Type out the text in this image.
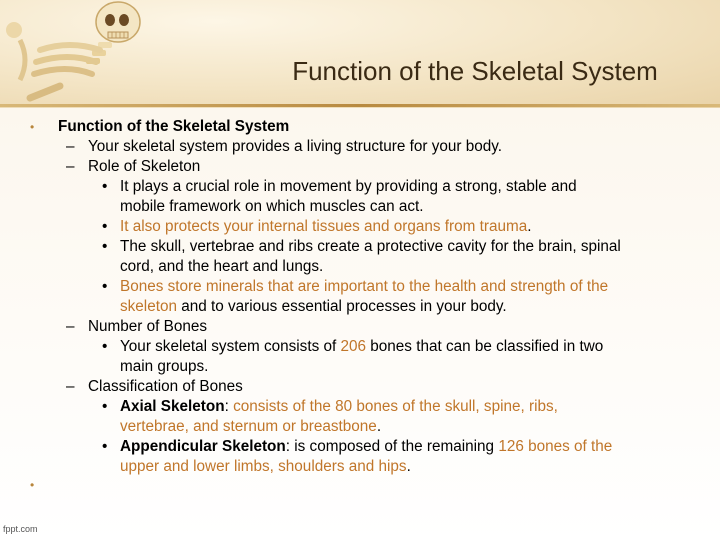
Function of the Skeletal System
• Function of the Skeletal System
– Your skeletal system provides a living structure for your body.
– Role of Skeleton
• It plays a crucial role in movement by providing a strong, stable and
mobile framework on which muscles can act.
• It also protects your internal tissues and organs from trauma.
• The skull, vertebrae and ribs create a protective cavity for the brain, spinal
cord, and the heart and lungs.
• Bones store minerals that are important to the health and strength of the
skeleton and to various essential processes in your body.
– Number of Bones
• Your skeletal system consists of 206 bones that can be classified in two
main groups.
– Classification of Bones
• Axial Skeleton: consists of the 80 bones of the skull, spine, ribs,
vertebrae, and sternum or breastbone.
• Appendicular Skeleton: is composed of the remaining 126 bones of the
upper and lower limbs, shoulders and hips.
•
fppt.com
